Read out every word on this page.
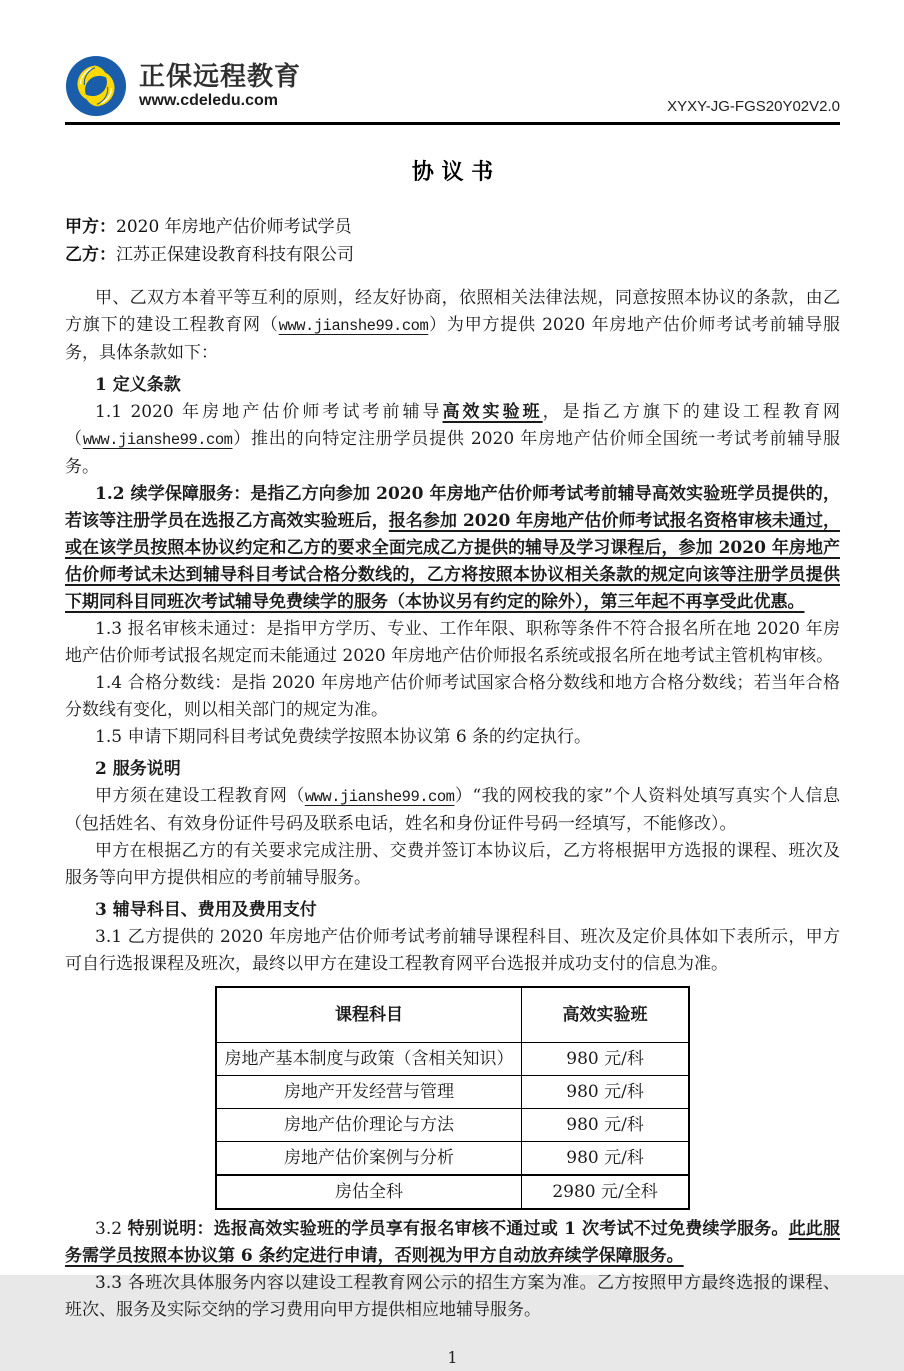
正保远程教育
www.cdeledu.com	XYXY-JG-FGS20Y02V2.0
协 议 书
甲方：2020 年房地产估价师考试学员
乙方：江苏正保建设教育科技有限公司

甲、乙双方本着平等互利的原则，经友好协商，依照相关法律法规，同意按照本协议的条款，由乙方旗下的建设工程教育网（www.jianshe99.com）为甲方提供 2020 年房地产估价师考试考前辅导服务，具体条款如下：

1 定义条款

1.1 2020 年房地产估价师考试考前辅导高效实验班，是指乙方旗下的建设工程教育网（www.jianshe99.com）推出的向特定注册学员提供 2020 年房地产估价师全国统一考试考前辅导服务。

1.2 续学保障服务：是指乙方向参加 2020 年房地产估价师考试考前辅导高效实验班学员提供的，若该等注册学员在选报乙方高效实验班后，报名参加 2020 年房地产估价师考试报名资格审核未通过，或在该学员按照本协议约定和乙方的要求全面完成乙方提供的辅导及学习课程后，参加 2020 年房地产估价师考试未达到辅导科目考试合格分数线的，乙方将按照本协议相关条款的规定向该等注册学员提供下期同科目同班次考试辅导免费续学的服务（本协议另有约定的除外），第三年起不再享受此优惠。

1.3 报名审核未通过：是指甲方学历、专业、工作年限、职称等条件不符合报名所在地 2020 年房地产估价师考试报名规定而未能通过 2020 年房地产估价师报名系统或报名所在地考试主管机构审核。

1.4 合格分数线：是指 2020 年房地产估价师考试国家合格分数线和地方合格分数线；若当年合格分数线有变化，则以相关部门的规定为准。

1.5 申请下期同科目考试免费续学按照本协议第 6 条的约定执行。

2 服务说明

甲方须在建设工程教育网（www.jianshe99.com）“我的网校我的家”个人资料处填写真实个人信息（包括姓名、有效身份证件号码及联系电话，姓名和身份证件号码一经填写，不能修改）。

甲方在根据乙方的有关要求完成注册、交费并签订本协议后，乙方将根据甲方选报的课程、班次及服务等向甲方提供相应的考前辅导服务。

3 辅导科目、费用及费用支付

3.1 乙方提供的 2020 年房地产估价师考试考前辅导课程科目、班次及定价具体如下表所示，甲方可自行选报课程及班次，最终以甲方在建设工程教育网平台选报并成功支付的信息为准。

课程科目	高效实验班
房地产基本制度与政策（含相关知识）	980 元/科
房地产开发经营与管理	980 元/科
房地产估价理论与方法	980 元/科
房地产估价案例与分析	980 元/科
房估全科	2980 元/全科

3.2 特别说明：选报高效实验班的学员享有报名审核不通过或 1 次考试不过免费续学服务。此此服务需学员按照本协议第 6 条约定进行申请，否则视为甲方自动放弃续学保障服务。

3.3 各班次具体服务内容以建设工程教育网公示的招生方案为准。乙方按照甲方最终选报的课程、班次、服务及实际交纳的学习费用向甲方提供相应地辅导服务。

1
